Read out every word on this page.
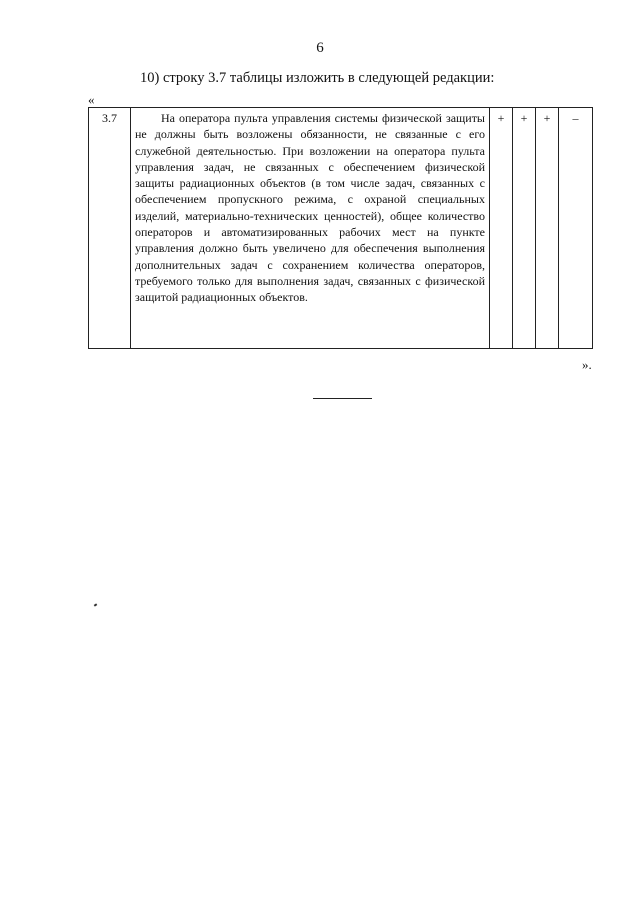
6
10) строку 3.7 таблицы изложить в следующей редакции:
«
3.7	На оператора пульта управления системы физической защиты не должны быть возложены обязанности, не связанные с его служебной деятельностью. При возложении на оператора пульта управления задач, не связанных с обеспечением физической защиты радиационных объектов (в том числе задач, связанных с обеспечением пропускного режима, с охраной специальных изделий, материально-технических ценностей), общее количество операторов и автоматизированных рабочих мест на пункте управления должно быть увеличено для обеспечения выполнения дополнительных задач с сохранением количества операторов, требуемого только для выполнения задач, связанных с физической защитой радиационных объектов.	+	+	+	–
».
